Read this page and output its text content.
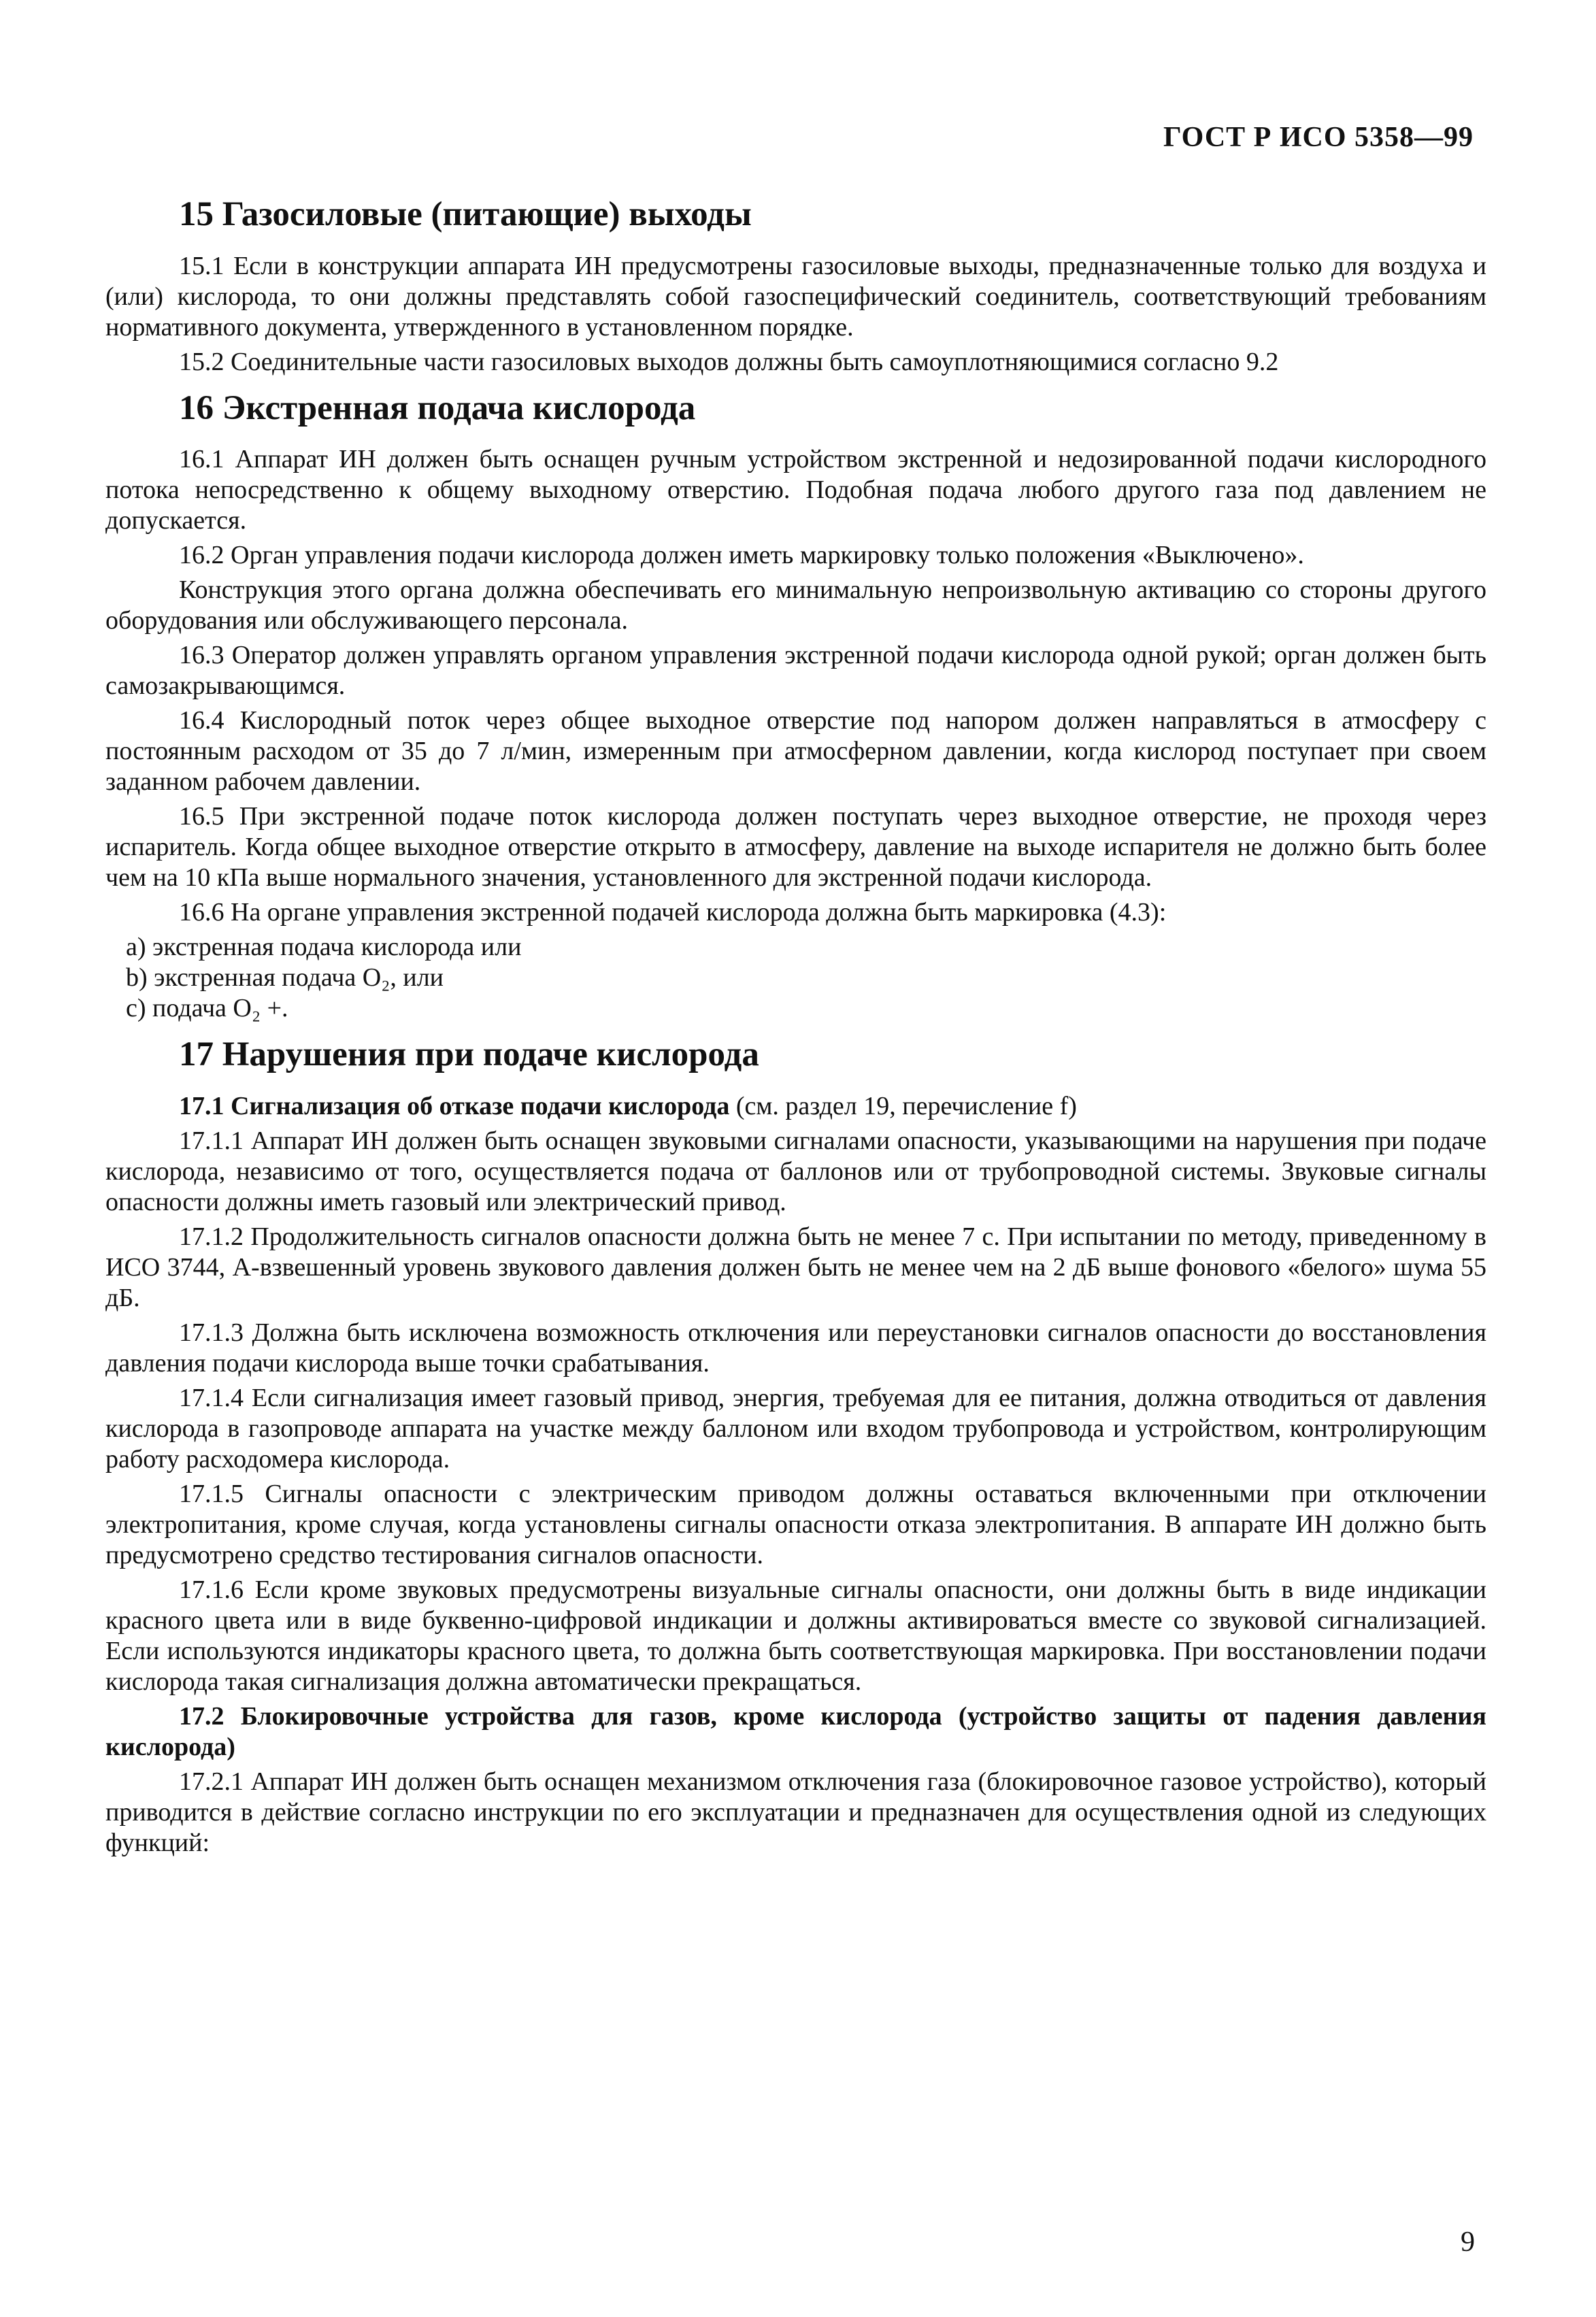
ГОСТ Р ИСО 5358—99
15 Газосиловые (питающие) выходы

15.1 Если в конструкции аппарата ИН предусмотрены газосиловые выходы, предназначенные только для воздуха и (или) кислорода, то они должны представлять собой газоспецифический соединитель, соответствующий требованиям нормативного документа, утвержденного в установленном порядке.

15.2 Соединительные части газосиловых выходов должны быть самоуплотняющимися согласно 9.2

16 Экстренная подача кислорода

16.1 Аппарат ИН должен быть оснащен ручным устройством экстренной и недозированной подачи кислородного потока непосредственно к общему выходному отверстию. Подобная подача любого другого газа под давлением не допускается.

16.2 Орган управления подачи кислорода должен иметь маркировку только положения «Выключено».

Конструкция этого органа должна обеспечивать его минимальную непроизвольную активацию со стороны другого оборудования или обслуживающего персонала.

16.3 Оператор должен управлять органом управления экстренной подачи кислорода одной рукой; орган должен быть самозакрывающимся.

16.4 Кислородный поток через общее выходное отверстие под напором должен направляться в атмосферу с постоянным расходом от 35 до 7 л/мин, измеренным при атмосферном давлении, когда кислород поступает при своем заданном рабочем давлении.

16.5 При экстренной подаче поток кислорода должен поступать через выходное отверстие, не проходя через испаритель. Когда общее выходное отверстие открыто в атмосферу, давление на выходе испарителя не должно быть более чем на 10 кПа выше нормального значения, установленного для экстренной подачи кислорода.

16.6 На органе управления экстренной подачей кислорода должна быть маркировка (4.3):

a) экстренная подача кислорода или

b) экстренная подача O₂, или

c) подача O₂ +.

17 Нарушения при подаче кислорода

17.1 Сигнализация об отказе подачи кислорода (см. раздел 19, перечисление f)

17.1.1 Аппарат ИН должен быть оснащен звуковыми сигналами опасности, указывающими на нарушения при подаче кислорода, независимо от того, осуществляется подача от баллонов или от трубопроводной системы. Звуковые сигналы опасности должны иметь газовый или электрический привод.

17.1.2 Продолжительность сигналов опасности должна быть не менее 7 с. При испытании по методу, приведенному в ИСО 3744, А-взвешенный уровень звукового давления должен быть не менее чем на 2 дБ выше фонового «белого» шума 55 дБ.

17.1.3 Должна быть исключена возможность отключения или переустановки сигналов опасности до восстановления давления подачи кислорода выше точки срабатывания.

17.1.4 Если сигнализация имеет газовый привод, энергия, требуемая для ее питания, должна отводиться от давления кислорода в газопроводе аппарата на участке между баллоном или входом трубопровода и устройством, контролирующим работу расходомера кислорода.

17.1.5 Сигналы опасности с электрическим приводом должны оставаться включенными при отключении электропитания, кроме случая, когда установлены сигналы опасности отказа электропитания. В аппарате ИН должно быть предусмотрено средство тестирования сигналов опасности.

17.1.6 Если кроме звуковых предусмотрены визуальные сигналы опасности, они должны быть в виде индикации красного цвета или в виде буквенно-цифровой индикации и должны активироваться вместе со звуковой сигнализацией. Если используются индикаторы красного цвета, то должна быть соответствующая маркировка. При восстановлении подачи кислорода такая сигнализация должна автоматически прекращаться.

17.2 Блокировочные устройства для газов, кроме кислорода (устройство защиты от падения давления кислорода)

17.2.1 Аппарат ИН должен быть оснащен механизмом отключения газа (блокировочное газовое устройство), который приводится в действие согласно инструкции по его эксплуатации и предназначен для осуществления одной из следующих функций:

9
